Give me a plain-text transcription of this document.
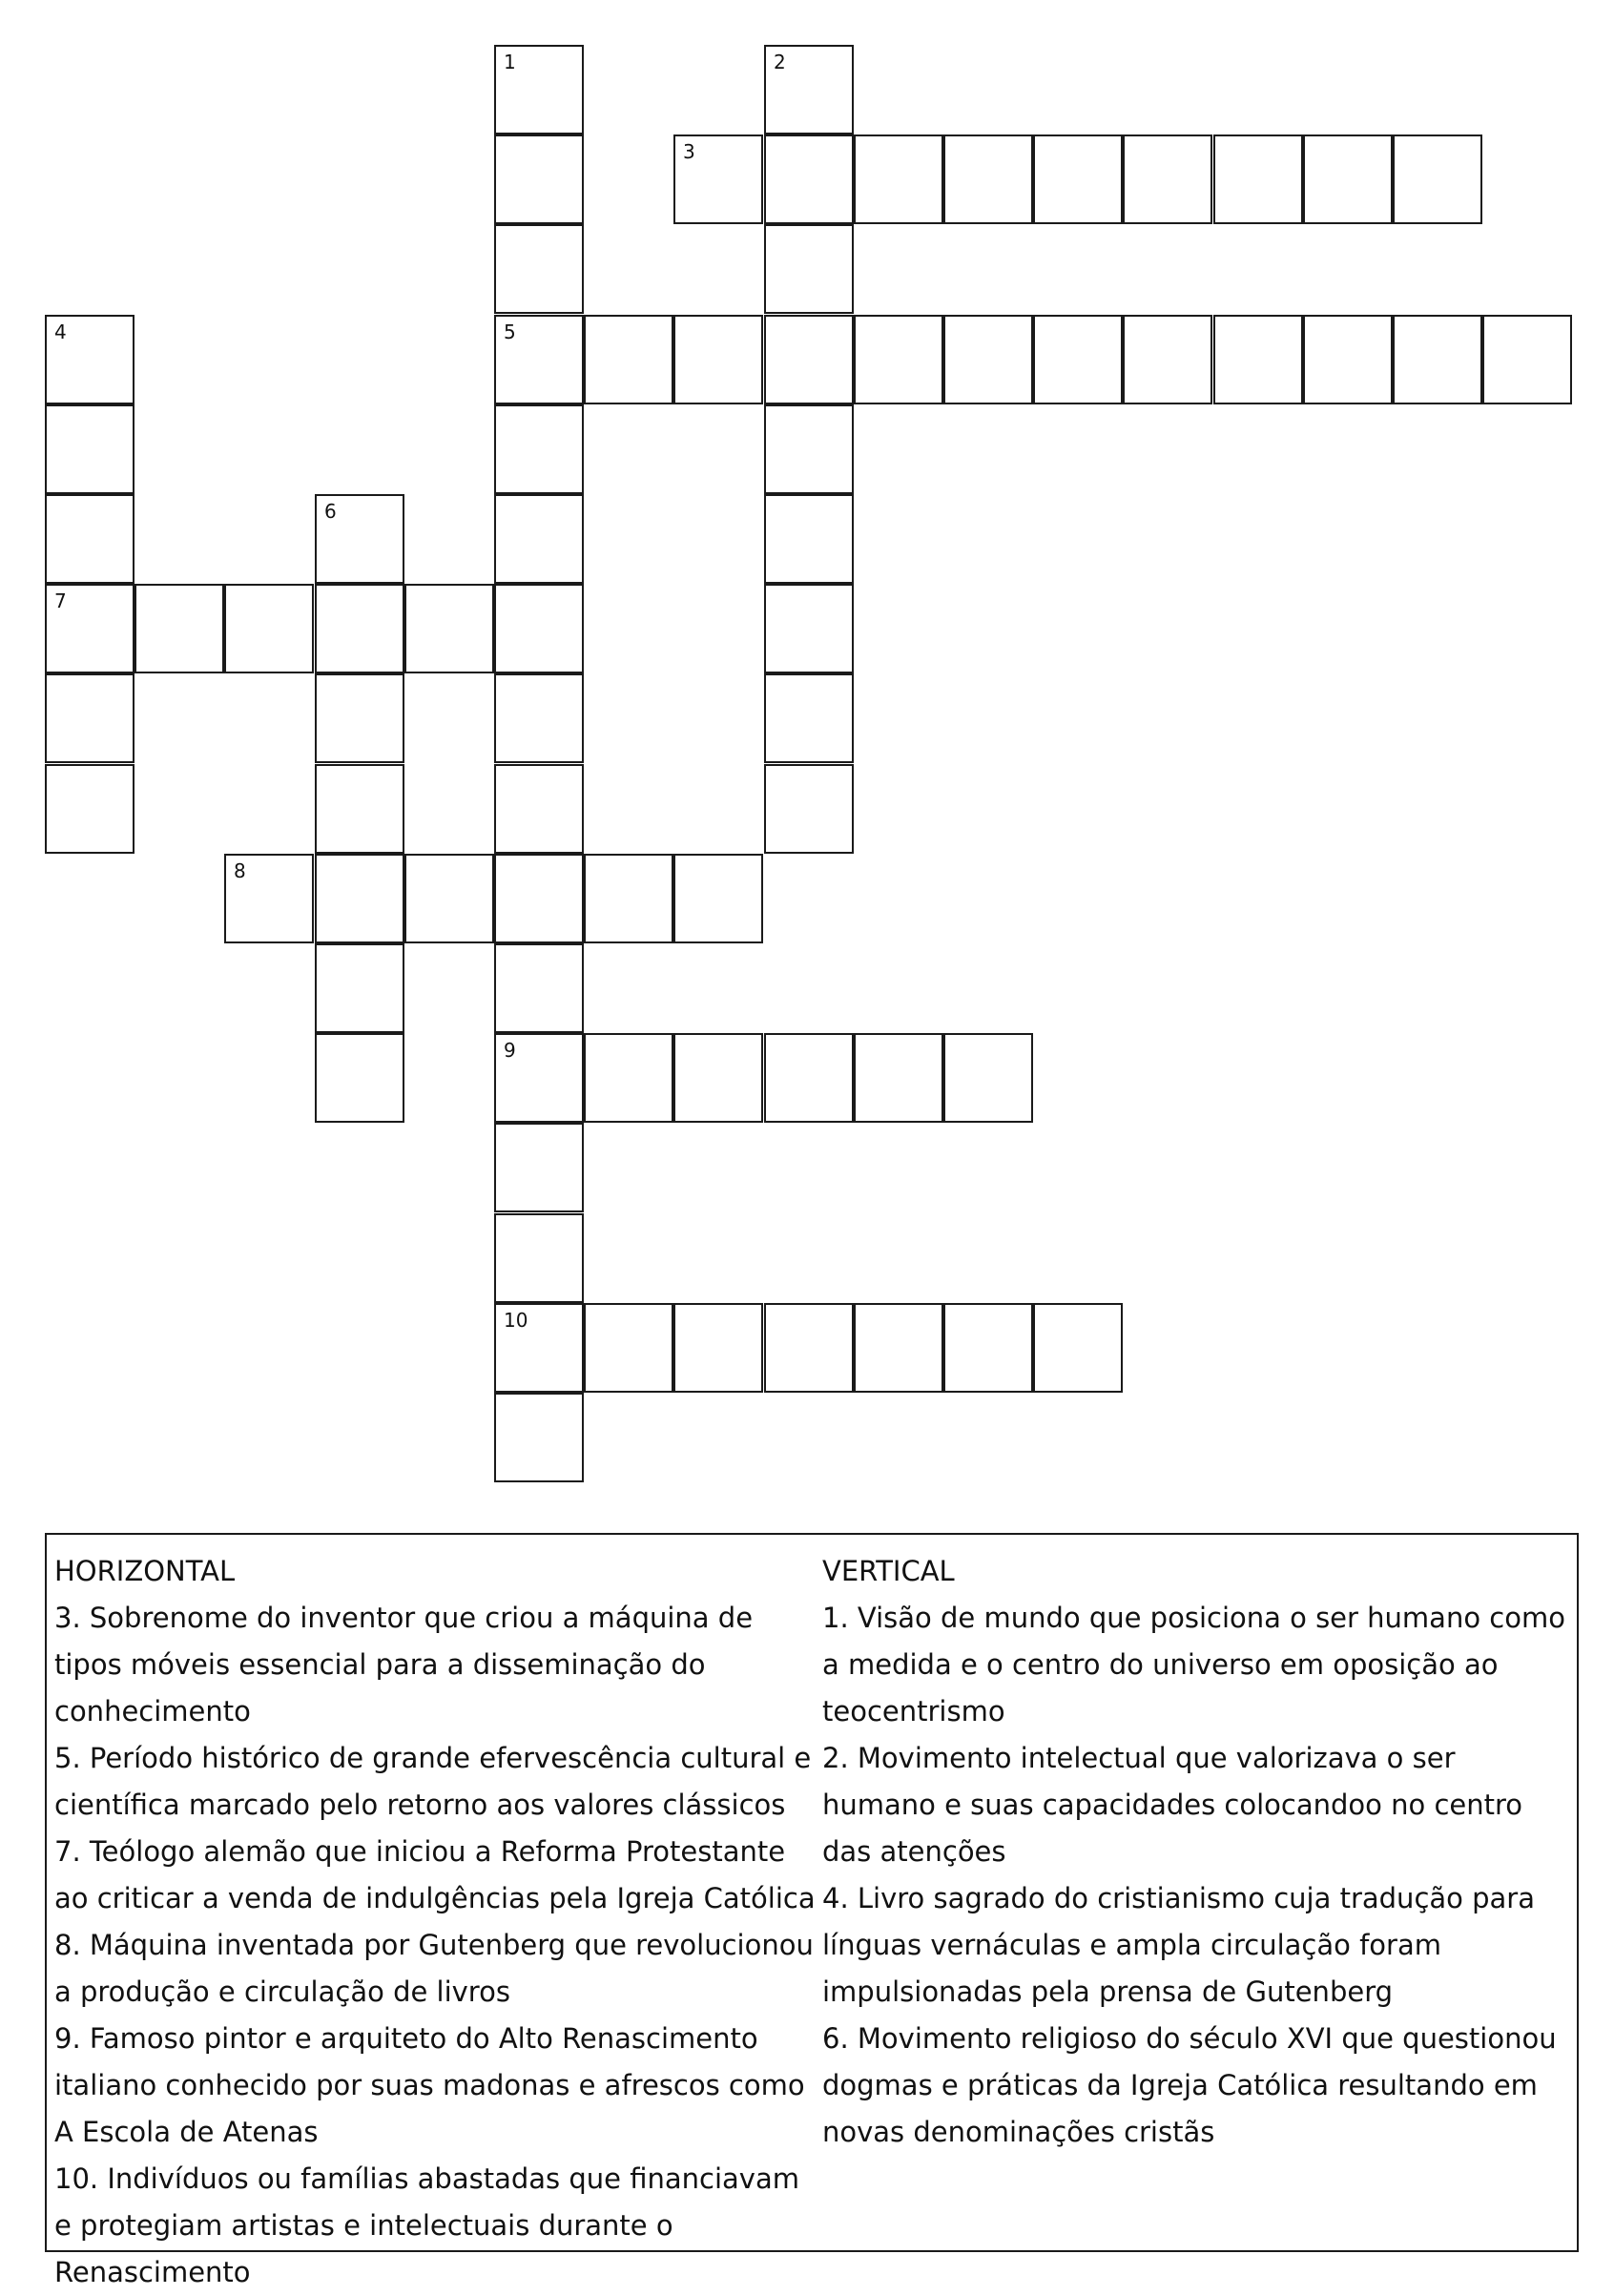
1
5
9
10
2
3
4
7
6
8

HORIZONTAL

3. Sobrenome do inventor que criou a máquina de tipos móveis essencial para a disseminação do conhecimento

5. Período histórico de grande efervescência cultural e científica marcado pelo retorno aos valores clássicos

7. Teólogo alemão que iniciou a Reforma Protestante ao criticar a venda de indulgências pela Igreja Católica

8. Máquina inventada por Gutenberg que revolucionou a produção e circulação de livros

9. Famoso pintor e arquiteto do Alto Renascimento italiano conhecido por suas madonas e afrescos como A Escola de Atenas

10. Indivíduos ou famílias abastadas que financiavam e protegiam artistas e intelectuais durante o Renascimento

VERTICAL

1. Visão de mundo que posiciona o ser humano como a medida e o centro do universo em oposição ao teocentrismo

2. Movimento intelectual que valorizava o ser humano e suas capacidades colocandoo no centro das atenções

4. Livro sagrado do cristianismo cuja tradução para línguas vernáculas e ampla circulação foram impulsionadas pela prensa de Gutenberg

6. Movimento religioso do século XVI que questionou dogmas e práticas da Igreja Católica resultando em novas denominações cristãs
